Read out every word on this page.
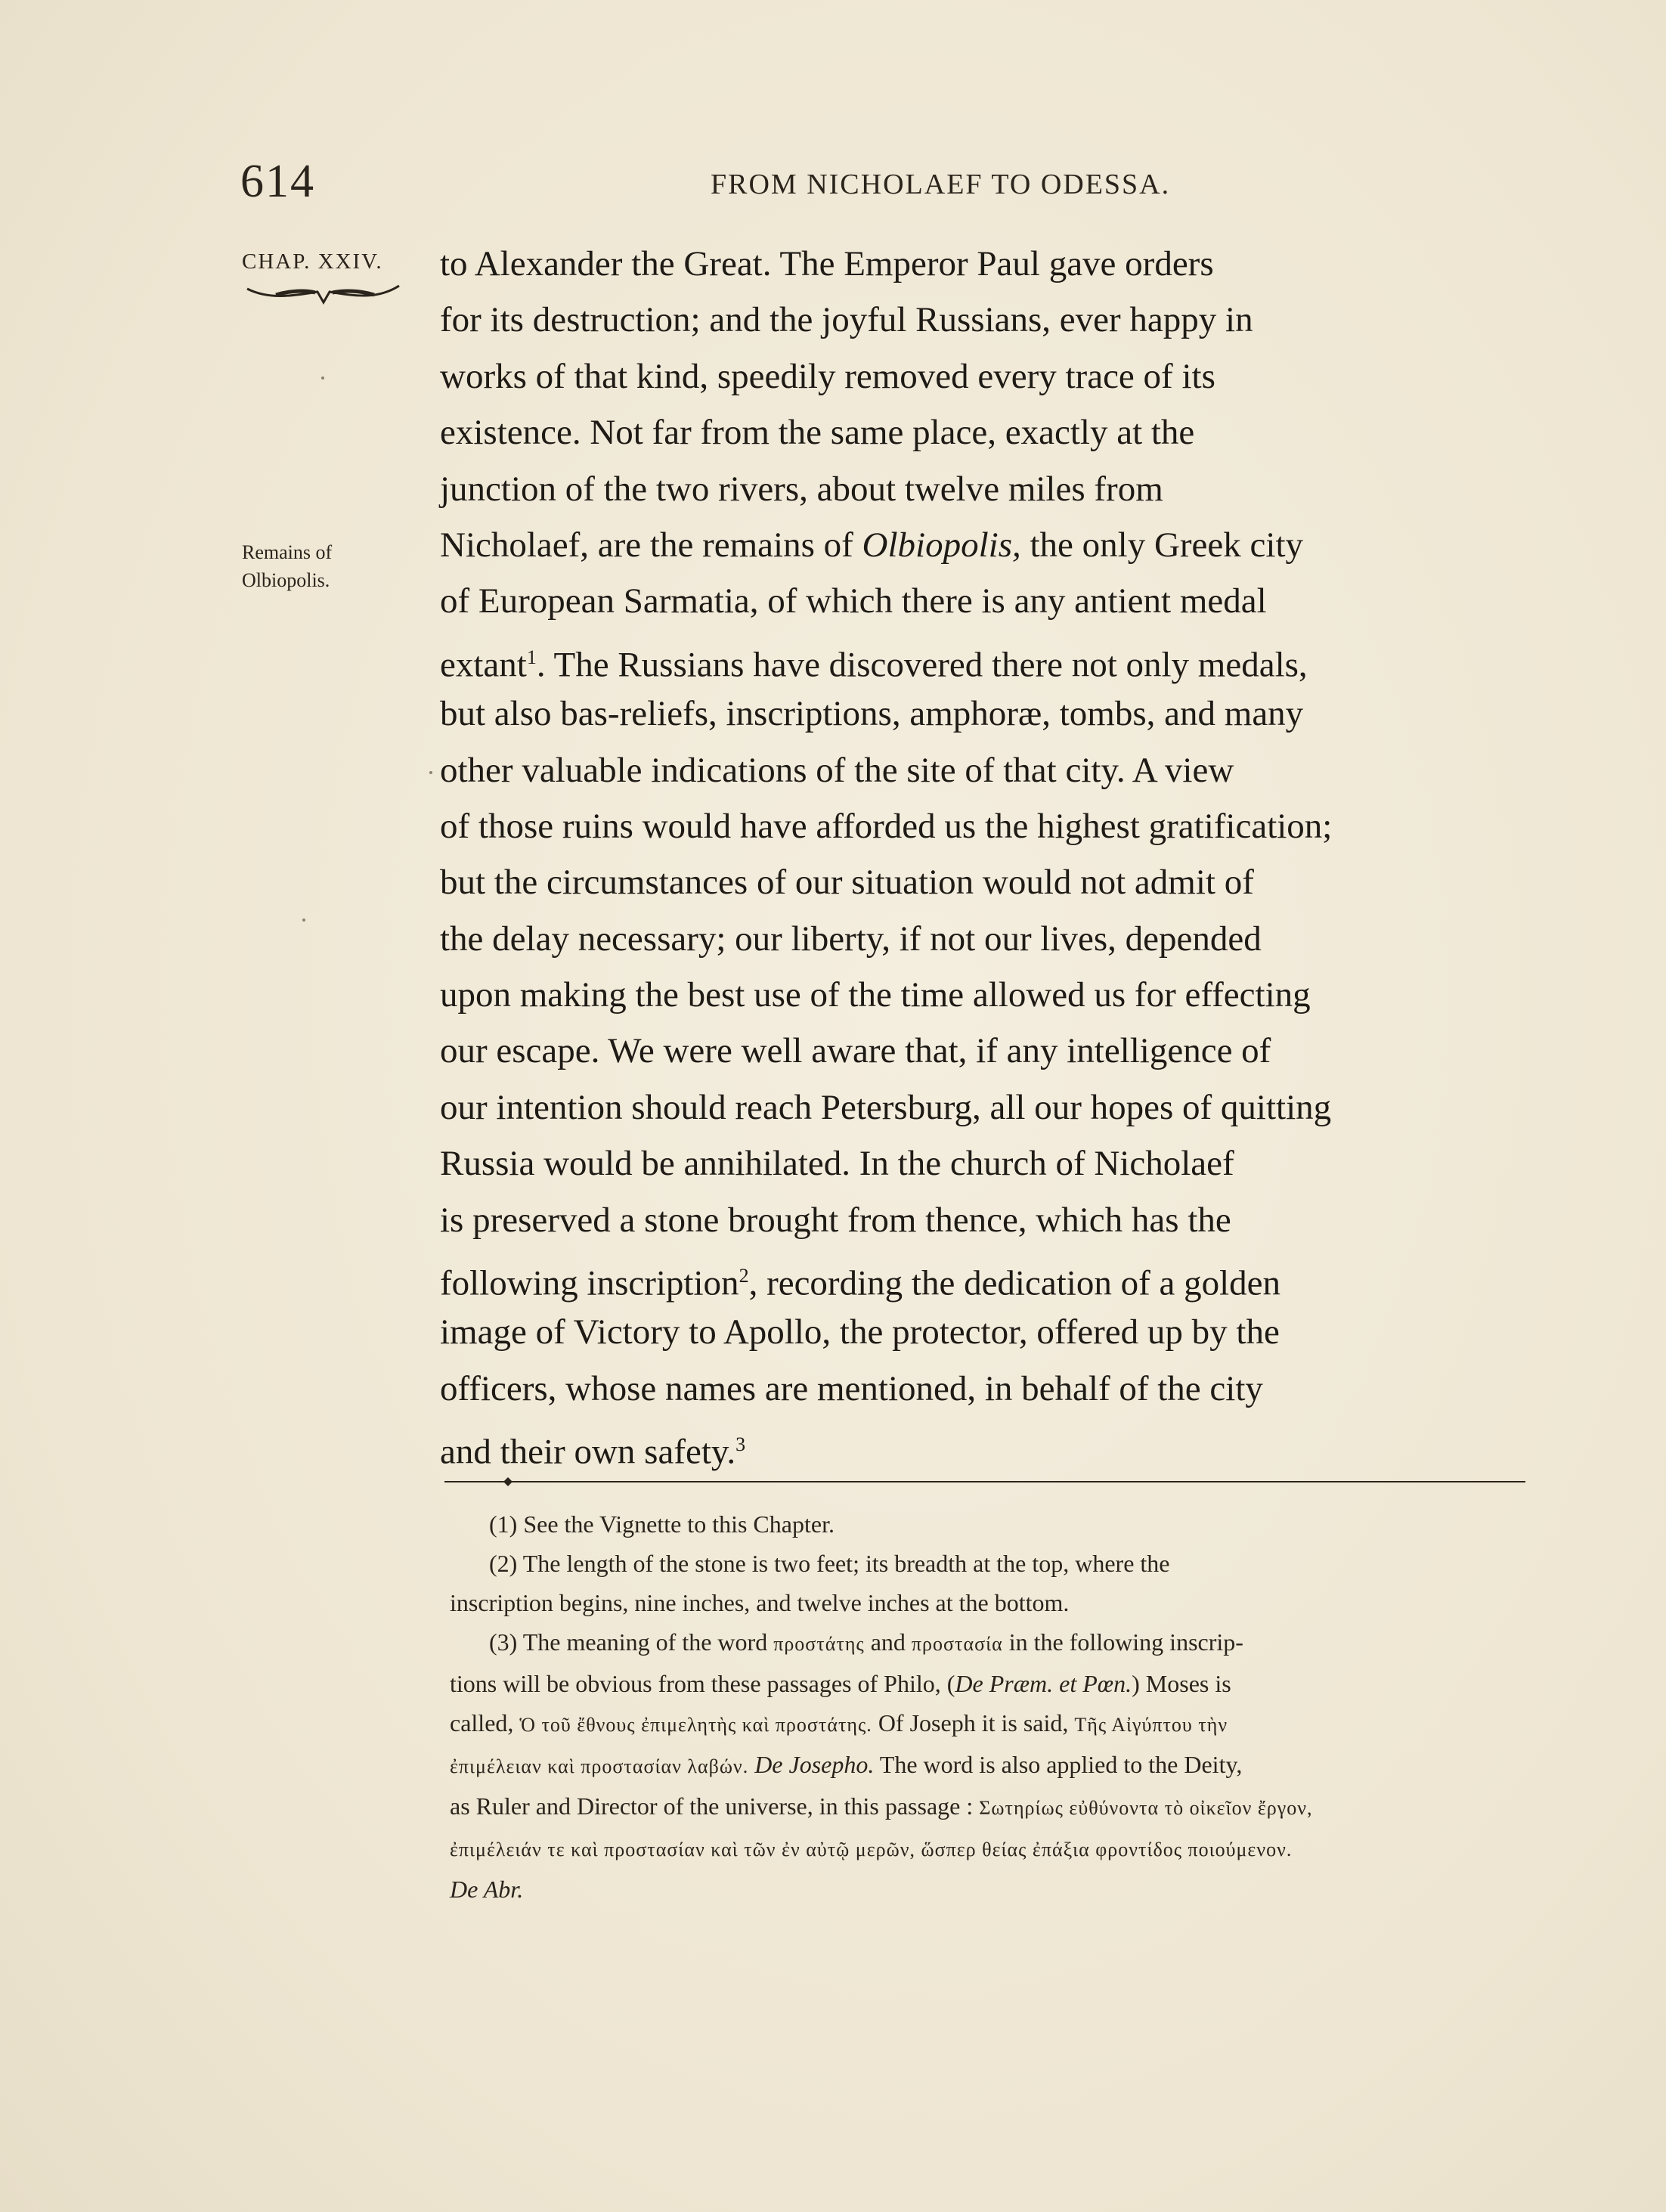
614	FROM NICHOLAEF TO ODESSA.
CHAP. XXIV.
Remains of
Olbiopolis.
to Alexander the Great. The Emperor Paul gave orders
for its destruction; and the joyful Russians, ever happy in
works of that kind, speedily removed every trace of its
existence. Not far from the same place, exactly at the
junction of the two rivers, about twelve miles from
Nicholaef, are the remains of Olbiopolis, the only Greek city
of European Sarmatia, of which there is any antient medal
extant$^1$. The Russians have discovered there not only medals,
but also bas-reliefs, inscriptions, amphoræ, tombs, and many
other valuable indications of the site of that city. A view
of those ruins would have afforded us the highest gratification;
but the circumstances of our situation would not admit of
the delay necessary; our liberty, if not our lives, depended
upon making the best use of the time allowed us for effecting
our escape. We were well aware that, if any intelligence of
our intention should reach Petersburg, all our hopes of quitting
Russia would be annihilated. In the church of Nicholaef
is preserved a stone brought from thence, which has the
following inscription$^2$, recording the dedication of a golden
image of Victory to Apollo, the protector, offered up by the
officers, whose names are mentioned, in behalf of the city
and their own safety.$^3$
(1) See the Vignette to this Chapter.
(2) The length of the stone is two feet; its breadth at the top, where the
inscription begins, nine inches, and twelve inches at the bottom.
(3) The meaning of the word προστάτης and προστασία in the following inscrip-
tions will be obvious from these passages of Philo, (De Præm. et Pœn.) Moses is
called, Ὁ τοῦ ἔθνους ἐπιμελητὴς καὶ προστάτης. Of Joseph it is said, Τῆς Αἰγύπτου τὴν
ἐπιμέλειαν καὶ προστασίαν λαβών. De Josepho. The word is also applied to the Deity,
as Ruler and Director of the universe, in this passage : Σωτηρίως εὐθύνοντα τὸ οἰκεῖον ἔργον,
ἐπιμέλειάν τε καὶ προστασίαν καὶ τῶν ἐν αὐτῷ μερῶν, ὥσπερ θείας ἐπάξια φροντίδος ποιούμενον.
De Abr.
